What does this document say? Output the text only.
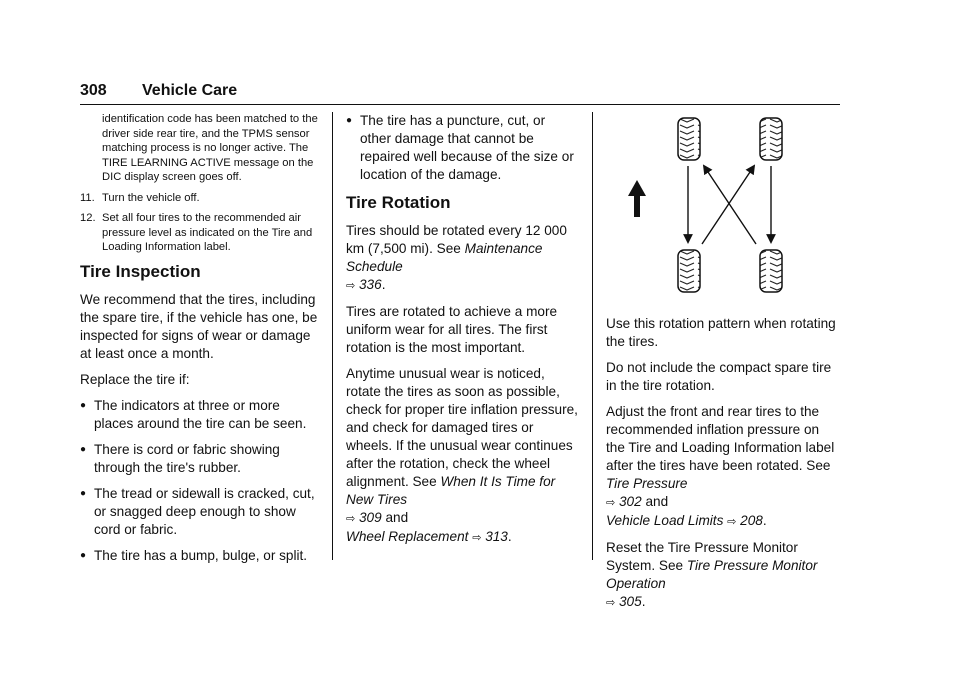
308 Vehicle Care

identification code has been matched to the driver side rear tire, and the TPMS sensor matching process is no longer active. The TIRE LEARNING ACTIVE message on the DIC display screen goes off.

11. Turn the vehicle off.
12. Set all four tires to the recommended air pressure level as indicated on the Tire and Loading Information label.
Tire Inspection

We recommend that the tires, including the spare tire, if the vehicle has one, be inspected for signs of wear or damage at least once a month.

Replace the tire if:

● The indicators at three or more places around the tire can be seen.
● There is cord or fabric showing through the tire's rubber.
● The tread or sidewall is cracked, cut, or snagged deep enough to show cord or fabric.
● The tire has a bump, bulge, or split.
● The tire has a puncture, cut, or other damage that cannot be repaired well because of the size or location of the damage.
Tire Rotation

Tires should be rotated every 12 000 km (7,500 mi). See Maintenance Schedule
⇨ 336.

Tires are rotated to achieve a more uniform wear for all tires. The first rotation is the most important.

Anytime unusual wear is noticed, rotate the tires as soon as possible, check for proper tire inflation pressure, and check for damaged tires or wheels. If the unusual wear continues after the rotation, check the wheel alignment. See When It Is Time for New Tires
⇨ 309 and
Wheel Replacement ⇨ 313.

Use this rotation pattern when rotating the tires.

Do not include the compact spare tire in the tire rotation.

Adjust the front and rear tires to the recommended inflation pressure on the Tire and Loading Information label after the tires have been rotated. See Tire Pressure
⇨ 302 and
Vehicle Load Limits ⇨ 208.

Reset the Tire Pressure Monitor System. See Tire Pressure Monitor Operation
⇨ 305.
